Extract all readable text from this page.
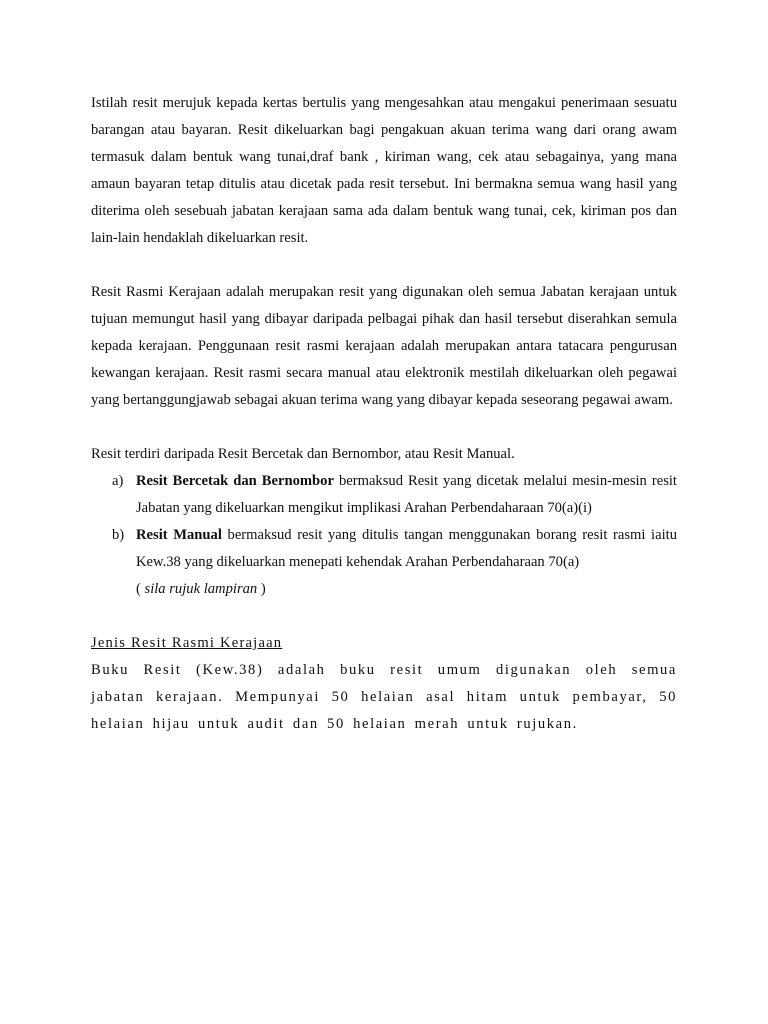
Istilah resit merujuk kepada kertas bertulis yang mengesahkan atau mengakui penerimaan sesuatu barangan atau bayaran. Resit dikeluarkan bagi pengakuan akuan terima wang dari orang awam termasuk dalam bentuk wang tunai,draf bank , kiriman wang, cek atau sebagainya, yang mana amaun bayaran tetap ditulis atau dicetak pada resit tersebut. Ini bermakna semua wang hasil yang diterima oleh sesebuah jabatan kerajaan sama ada dalam bentuk wang tunai, cek, kiriman pos dan lain-lain hendaklah dikeluarkan resit.

Resit Rasmi Kerajaan adalah merupakan resit yang digunakan oleh semua Jabatan kerajaan untuk tujuan memungut hasil yang dibayar daripada pelbagai pihak dan hasil tersebut diserahkan semula kepada kerajaan. Penggunaan resit rasmi kerajaan adalah merupakan antara tatacara pengurusan kewangan kerajaan. Resit rasmi secara manual atau elektronik mestilah dikeluarkan oleh pegawai yang bertanggungjawab sebagai akuan terima wang yang dibayar kepada seseorang pegawai awam.

Resit terdiri daripada Resit Bercetak dan Bernombor, atau Resit Manual.

a) Resit Bercetak dan Bernombor bermaksud Resit yang dicetak melalui mesin-mesin resit Jabatan yang dikeluarkan mengikut implikasi Arahan Perbendaharaan 70(a)(i)
b) Resit Manual bermaksud resit yang ditulis tangan menggunakan borang resit rasmi iaitu Kew.38 yang dikeluarkan menepati kehendak Arahan Perbendaharaan 70(a)
( sila rujuk lampiran )

Jenis Resit Rasmi Kerajaan

Buku Resit (Kew.38) adalah buku resit umum digunakan oleh semua jabatan kerajaan. Mempunyai 50 helaian asal hitam untuk pembayar, 50 helaian hijau untuk audit dan 50 helaian merah untuk rujukan.
